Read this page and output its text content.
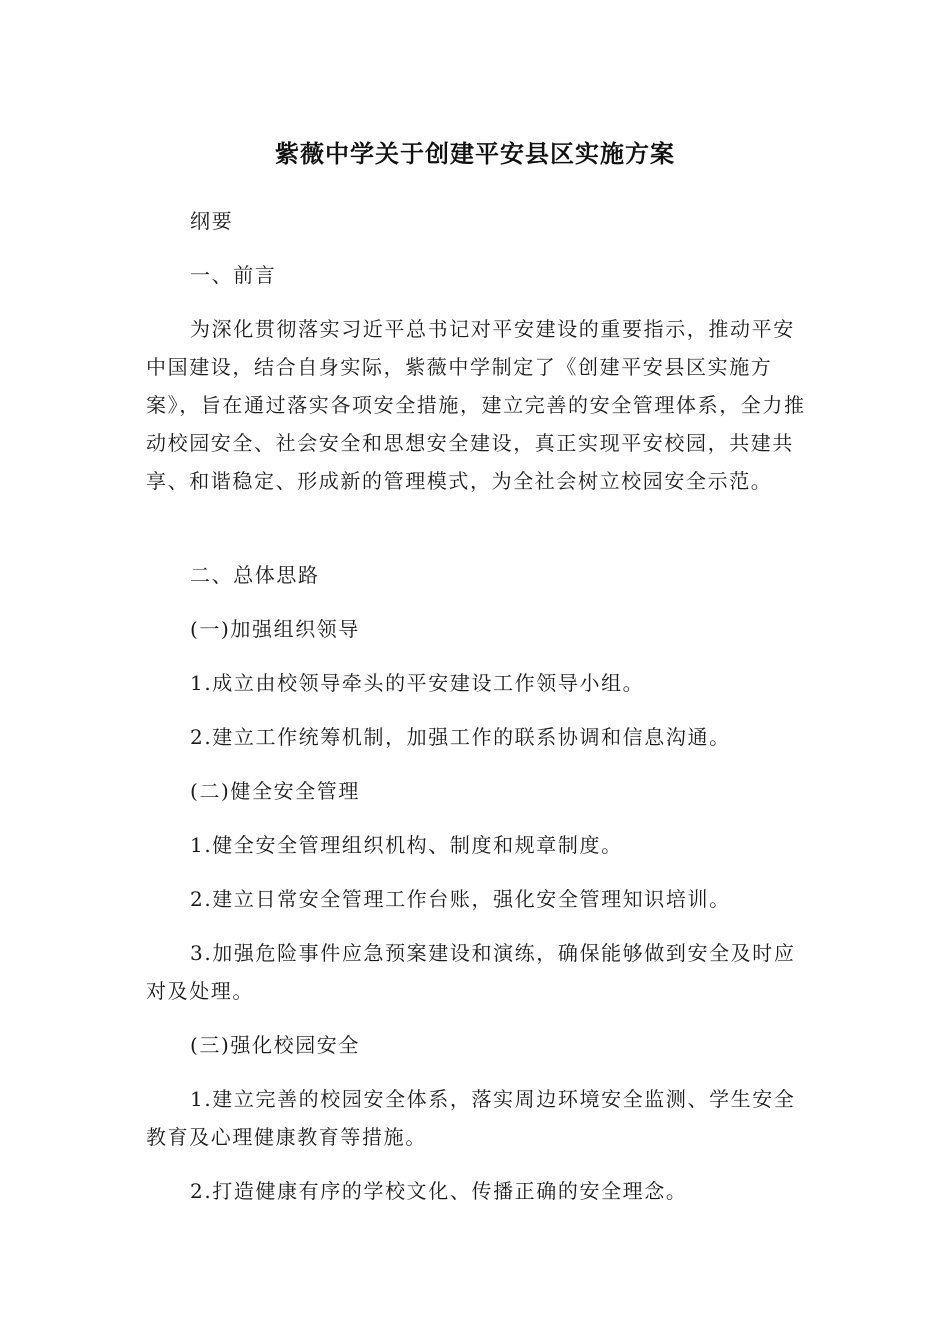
紫薇中学关于创建平安县区实施方案

纲要

一、前言

为深化贯彻落实习近平总书记对平安建设的重要指示，推动平安中国建设，结合自身实际，紫薇中学制定了《创建平安县区实施方案》，旨在通过落实各项安全措施，建立完善的安全管理体系，全力推动校园安全、社会安全和思想安全建设，真正实现平安校园，共建共享、和谐稳定、形成新的管理模式，为全社会树立校园安全示范。

二、总体思路

(一)加强组织领导

1.成立由校领导牵头的平安建设工作领导小组。

2.建立工作统筹机制，加强工作的联系协调和信息沟通。

(二)健全安全管理

1.健全安全管理组织机构、制度和规章制度。

2.建立日常安全管理工作台账，强化安全管理知识培训。

3.加强危险事件应急预案建设和演练，确保能够做到安全及时应对及处理。

(三)强化校园安全

1.建立完善的校园安全体系，落实周边环境安全监测、学生安全教育及心理健康教育等措施。

2.打造健康有序的学校文化、传播正确的安全理念。
